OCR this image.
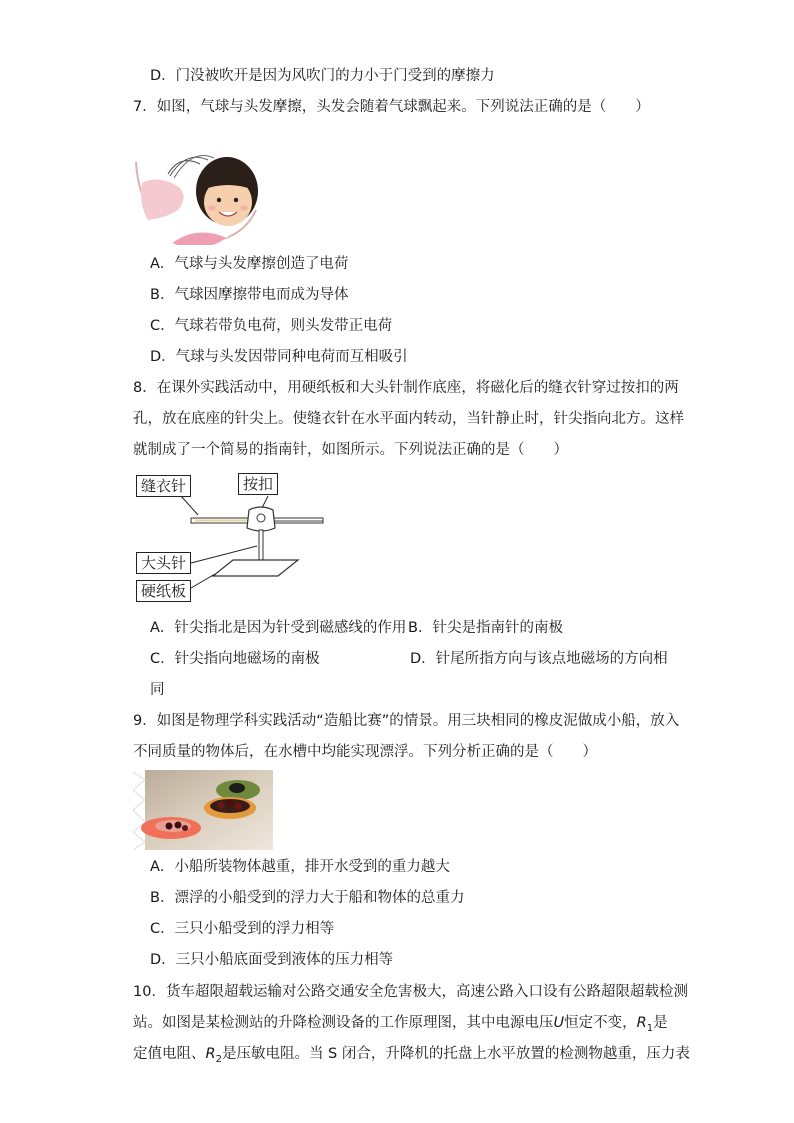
D．门没被吹开是因为风吹门的力小于门受到的摩擦力
7．如图，气球与头发摩擦，头发会随着气球飘起来。下列说法正确的是（　　）
A．气球与头发摩擦创造了电荷
B．气球因摩擦带电而成为导体
C．气球若带负电荷，则头发带正电荷
D．气球与头发因带同种电荷而互相吸引
8．在课外实践活动中，用硬纸板和大头针制作底座，将磁化后的缝衣针穿过按扣的两
孔，放在底座的针尖上。使缝衣针在水平面内转动，当针静止时，针尖指向北方。这样
就制成了一个简易的指南针，如图所示。下列说法正确的是（　　）
缝衣针	按扣
大头针
硬纸板
A．针尖指北是因为针受到磁感线的作用 B．针尖是指南针的南极
C．针尖指向地磁场的南极	D．针尾所指方向与该点地磁场的方向相
同
9．如图是物理学科实践活动“造船比赛”的情景。用三块相同的橡皮泥做成小船，放入
不同质量的物体后，在水槽中均能实现漂浮。下列分析正确的是（　　）
A．小船所装物体越重，排开水受到的重力越大
B．漂浮的小船受到的浮力大于船和物体的总重力
C．三只小船受到的浮力相等
D．三只小船底面受到液体的压力相等
10．货车超限超载运输对公路交通安全危害极大，高速公路入口设有公路超限超载检测
站。如图是某检测站的升降检测设备的工作原理图，其中电源电压U恒定不变，$R_1$是
定值电阻、$R_2$是压敏电阻。当 S 闭合，升降机的托盘上水平放置的检测物越重，压力表
